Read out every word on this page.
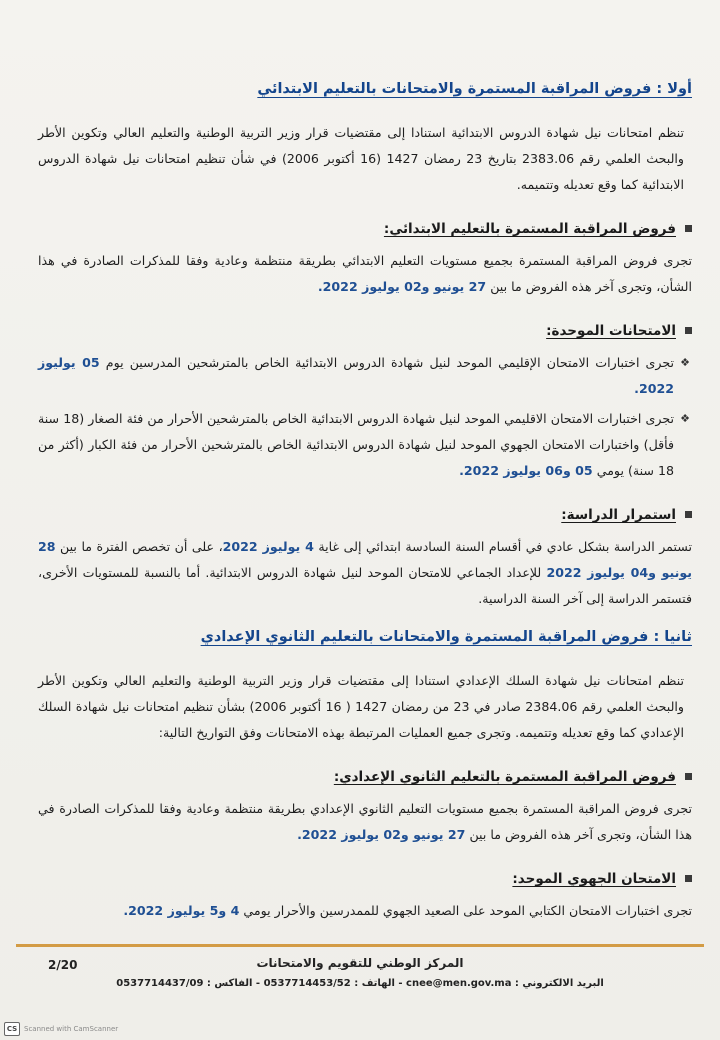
أولا : فروض المراقبة المستمرة والامتحانات بالتعليم الابتدائي
تنظم امتحانات نيل شهادة الدروس الابتدائية استنادا إلى مقتضيات قرار وزير التربية الوطنية والتعليم العالي وتكوين الأطر والبحث العلمي رقم 2383.06 بتاريخ 23 رمضان 1427 (16 أكتوبر 2006) في شأن تنظيم امتحانات نيل شهادة الدروس الابتدائية كما وقع تعديله وتتميمه.
فروض المراقبة المستمرة بالتعليم الابتدائي:
تجرى فروض المراقبة المستمرة بجميع مستويات التعليم الابتدائي بطريقة منتظمة وعادية وفقا للمذكرات الصادرة في هذا الشأن، وتجرى آخر هذه الفروض ما بين 27 يونيو و02 يوليوز 2022.
الامتحانات الموحدة:
❖
تجرى اختبارات الامتحان الإقليمي الموحد لنيل شهادة الدروس الابتدائية الخاص بالمترشحين المدرسين يوم 05 يوليوز 2022.
❖
تجرى اختبارات الامتحان الاقليمي الموحد لنيل شهادة الدروس الابتدائية الخاص بالمترشحين الأحرار من فئة الصغار (18 سنة فأقل) واختبارات الامتحان الجهوي الموحد لنيل شهادة الدروس الابتدائية الخاص بالمترشحين الأحرار من فئة الكبار (أكثر من 18 سنة) يومي 05 و06 يوليوز 2022.
استمرار الدراسة:
تستمر الدراسة بشكل عادي في أقسام السنة السادسة ابتدائي إلى غاية 4 يوليوز 2022، على أن تخصص الفترة ما بين 28 يونيو و04 يوليوز 2022 للإعداد الجماعي للامتحان الموحد لنيل شهادة الدروس الابتدائية. أما بالنسبة للمستويات الأخرى، فتستمر الدراسة إلى آخر السنة الدراسية.
ثانيا : فروض المراقبة المستمرة والامتحانات بالتعليم الثانوي الإعدادي
تنظم امتحانات نيل شهادة السلك الإعدادي استنادا إلى مقتضيات قرار وزير التربية الوطنية والتعليم العالي وتكوين الأطر والبحث العلمي رقم 2384.06 صادر في 23 من رمضان 1427 ( 16 أكتوبر 2006) بشأن تنظيم امتحانات نيل شهادة السلك الإعدادي كما وقع تعديله وتتميمه. وتجرى جميع العمليات المرتبطة بهذه الامتحانات وفق التواريخ التالية:
فروض المراقبة المستمرة بالتعليم الثانوي الإعدادي:
تجرى فروض المراقبة المستمرة بجميع مستويات التعليم الثانوي الإعدادي بطريقة منتظمة وعادية وفقا للمذكرات الصادرة في هذا الشأن، وتجرى آخر هذه الفروض ما بين 27 يونيو و02 يوليوز 2022.
الامتحان الجهوي الموحد:
تجرى اختبارات الامتحان الكتابي الموحد على الصعيد الجهوي للممدرسين والأحرار يومي 4 و5 يوليوز 2022.
2/20	المركز الوطني للتقويم والامتحانات
البريد الالكتروني : cnee@men.gov.ma - الهاتف : 0537714453/52 - الفاكس : 0537714437/09
CS Scanned with CamScanner
